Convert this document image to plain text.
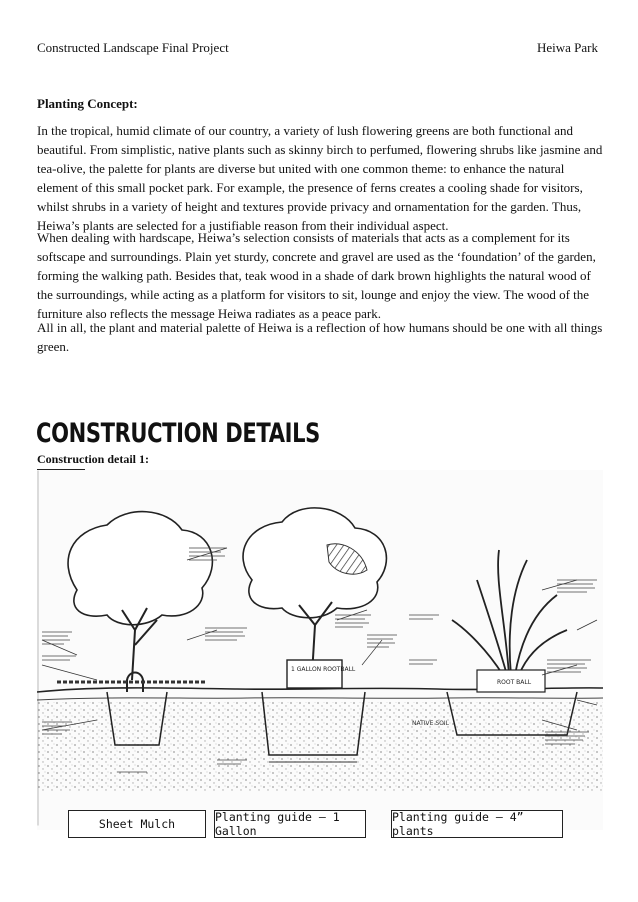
Constructed Landscape Final Project	Heiwa Park
Planting Concept:

In the tropical, humid climate of our country, a variety of lush flowering greens are both functional and beautiful. From simplistic, native plants such as skinny birch to perfumed, flowering shrubs like jasmine and tea-olive, the palette for plants are diverse but united with one common theme: to enhance the natural element of this small pocket park. For example, the presence of ferns creates a cooling shade for visitors, whilst shrubs in a variety of height and textures provide privacy and ornamentation for the garden. Thus, Heiwa’s plants are selected for a justifiable reason from their individual aspect.

When dealing with hardscape, Heiwa’s selection consists of materials that acts as a complement for its softscape and surroundings. Plain yet sturdy, concrete and gravel are used as the ‘foundation’ of the garden, forming the walking path. Besides that, teak wood in a shade of dark brown highlights the natural wood of the surroundings, while acting as a platform for visitors to sit, lounge and enjoy the view. The wood of the furniture also reflects the message Heiwa radiates as a peace park.

All in all, the plant and material palette of Heiwa is a reflection of how humans should be one with all things green.

CONSTRUCTION DETAILS
Construction detail 1:
1 GALLON ROOTBALL
ROOT BALL
NATIVE SOIL
Sheet Mulch	Planting guide – 1 Gallon
Planting guide – 4” plants
